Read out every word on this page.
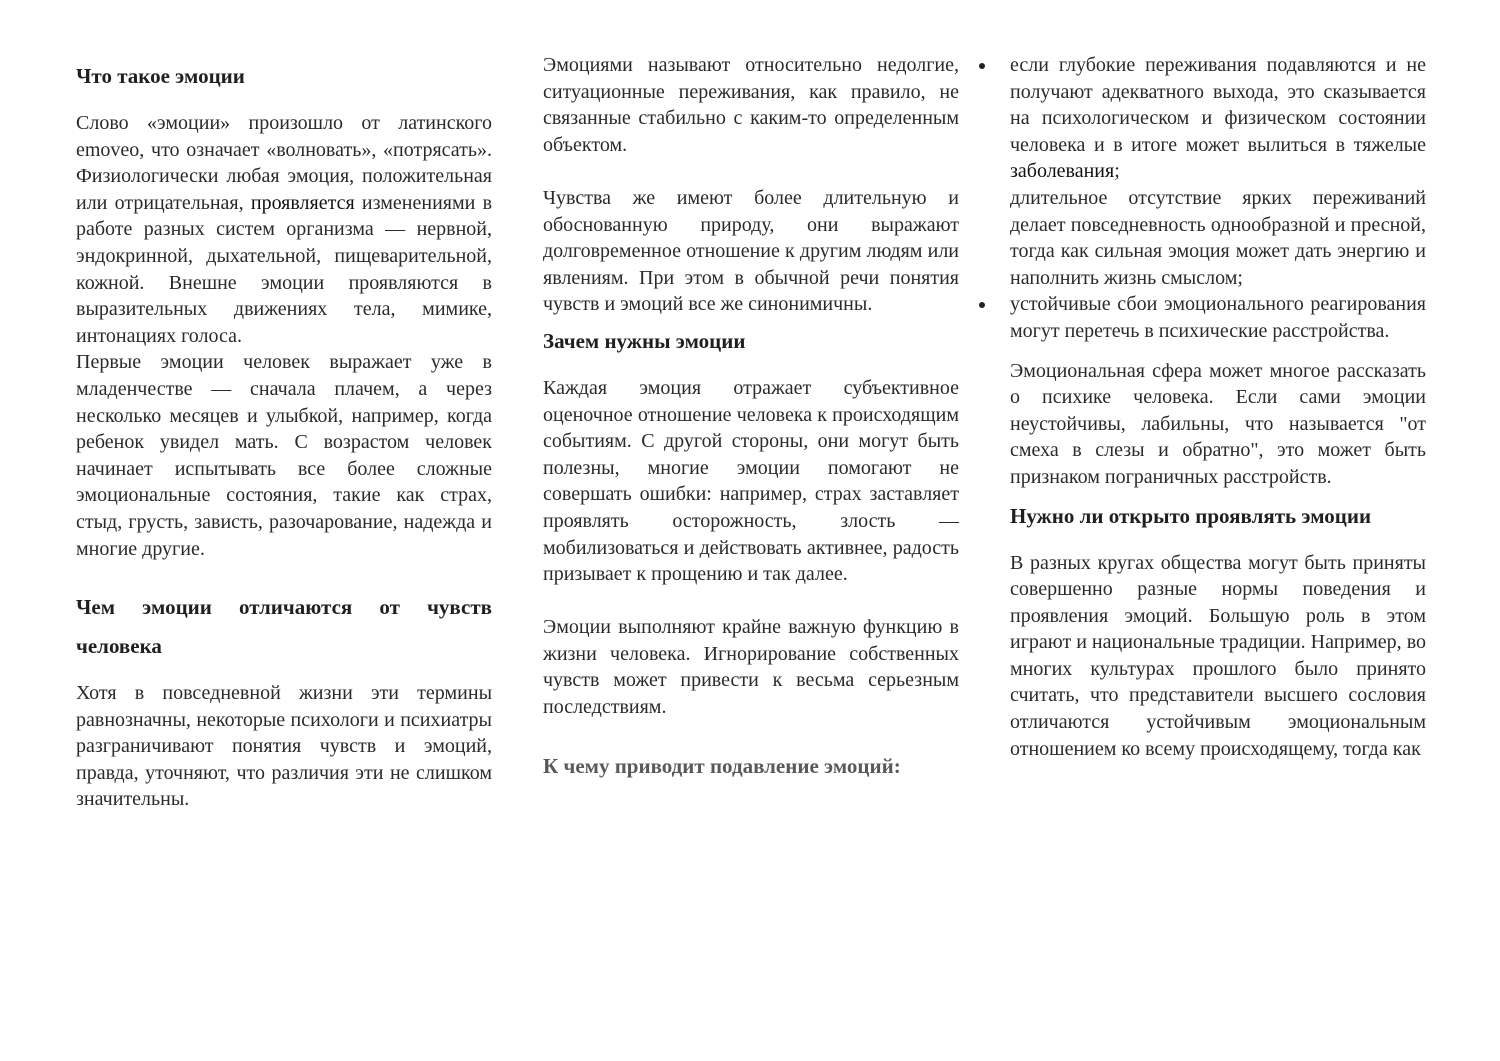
Что такое эмоции

Слово «эмоции» произошло от латинского emoveo, что означает «волновать», «потрясать». Физиологически любая эмоция, положительная или отрицательная, проявляется изменениями в работе разных систем организма — нервной, эндокринной, дыхательной, пищеварительной, кожной. Внешне эмоции проявляются в выразительных движениях тела, мимике, интонациях голоса.

Первые эмоции человек выражает уже в младенчестве — сначала плачем, а через несколько месяцев и улыбкой, например, когда ребенок увидел мать. С возрастом человек начинает испытывать все более сложные эмоциональные состояния, такие как страх, стыд, грусть, зависть, разочарование, надежда и многие другие.

Чем эмоции отличаются от чувств человека

Хотя в повседневной жизни эти термины равнозначны, некоторые психологи и психиатры разграничивают понятия чувств и эмоций, правда, уточняют, что различия эти не слишком значительны.

Эмоциями называют относительно недолгие, ситуационные переживания, как правило, не связанные стабильно с каким-то определенным объектом.

Чувства же имеют более длительную и обоснованную природу, они выражают долговременное отношение к другим людям или явлениям. При этом в обычной речи понятия чувств и эмоций все же синонимичны.

Зачем нужны эмоции

Каждая эмоция отражает субъективное оценочное отношение человека к происходящим событиям. С другой стороны, они могут быть полезны, многие эмоции помогают не совершать ошибки: например, страх заставляет проявлять осторожность, злость — мобилизоваться и действовать активнее, радость призывает к прощению и так далее.

Эмоции выполняют крайне важную функцию в жизни человека. Игнорирование собственных чувств может привести к весьма серьезным последствиям.

К чему приводит подавление эмоций:
если глубокие переживания подавляются и не получают адекватного выхода, это сказывается на психологическом и физическом состоянии человека и в итоге может вылиться в тяжелые заболевания;
длительное отсутствие ярких переживаний делает повседневность однообразной и пресной, тогда как сильная эмоция может дать энергию и наполнить жизнь смыслом;
устойчивые сбои эмоционального реагирования могут перетечь в психические расстройства.

Эмоциональная сфера может многое рассказать о психике человека. Если сами эмоции неустойчивы, лабильны, что называется "от смеха в слезы и обратно", это может быть признаком пограничных расстройств.

Нужно ли открыто проявлять эмоции

В разных кругах общества могут быть приняты совершенно разные нормы поведения и проявления эмоций. Большую роль в этом играют и национальные традиции. Например, во многих культурах прошлого было принято считать, что представители высшего сословия отличаются устойчивым эмоциональным отношением ко всему происходящему, тогда как
